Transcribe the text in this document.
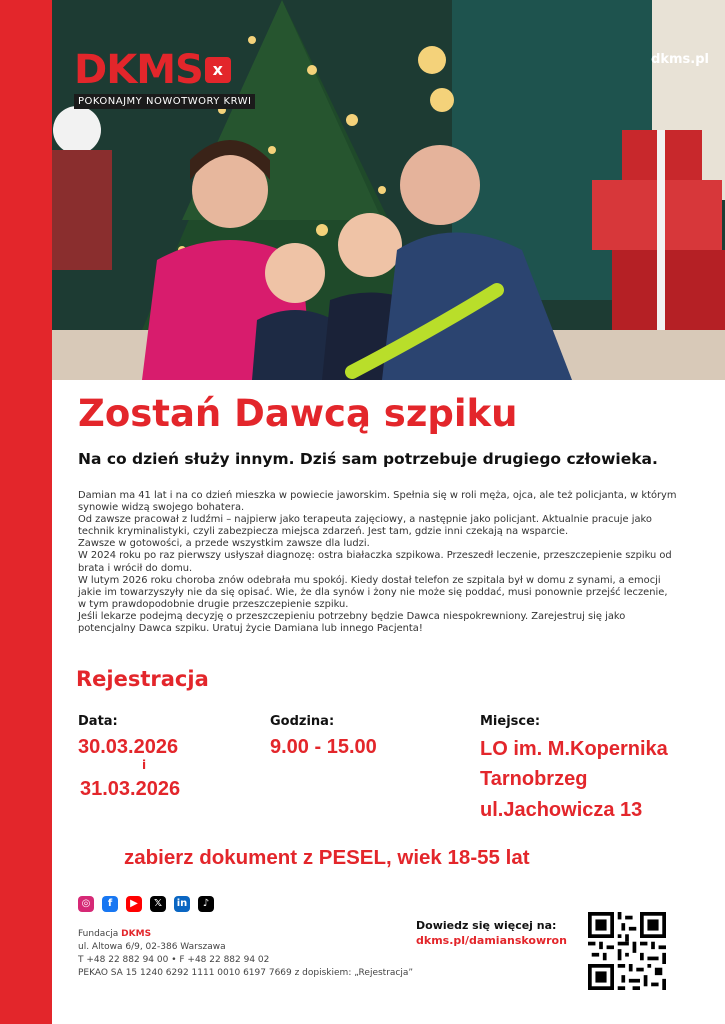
DKMS x
POKONAJMY NOWOTWORY KRWI
dkms.pl
Zostań Dawcą szpiku
Na co dzień służy innym. Dziś sam potrzebuje drugiego człowieka.

Damian ma 41 lat i na co dzień mieszka w powiecie jaworskim. Spełnia się w roli męża, ojca, ale też policjanta, w którym synowie widzą swojego bohatera.

Od zawsze pracował z ludźmi – najpierw jako terapeuta zajęciowy, a następnie jako policjant. Aktualnie pracuje jako technik kryminalistyki, czyli zabezpiecza miejsca zdarzeń. Jest tam, gdzie inni czekają na wsparcie.

Zawsze w gotowości, a przede wszystkim zawsze dla ludzi.

W 2024 roku po raz pierwszy usłyszał diagnozę: ostra białaczka szpikowa. Przeszedł leczenie, przeszczepienie szpiku od brata i wrócił do domu.

W lutym 2026 roku choroba znów odebrała mu spokój. Kiedy dostał telefon ze szpitala był w domu z synami, a emocji jakie im towarzyszyły nie da się opisać. Wie, że dla synów i żony nie może się poddać, musi ponownie przejść leczenie, w tym prawdopodobnie drugie przeszczepienie szpiku.

Jeśli lekarze podejmą decyzję o przeszczepieniu potrzebny będzie Dawca niespokrewniony. Zarejestruj się jako potencjalny Dawca szpiku. Uratuj życie Damiana lub innego Pacjenta!

Rejestracja
Data:
30.03.2026
i
31.03.2026
Godzina:
9.00 - 15.00
Miejsce:
LO im. M.Kopernika
Tarnobrzeg
ul.Jachowicza 13
zabierz dokument z PESEL, wiek 18-55 lat
◎	f	▶	𝕏	in	♪
Fundacja DKMS
ul. Altowa 6/9, 02-386 Warszawa
T +48 22 882 94 00 • F +48 22 882 94 02
PEKAO SA 15 1240 6292 1111 0010 6197 7669 z dopiskiem: „Rejestracja”
Dowiedz się więcej na:
dkms.pl/damianskowron
